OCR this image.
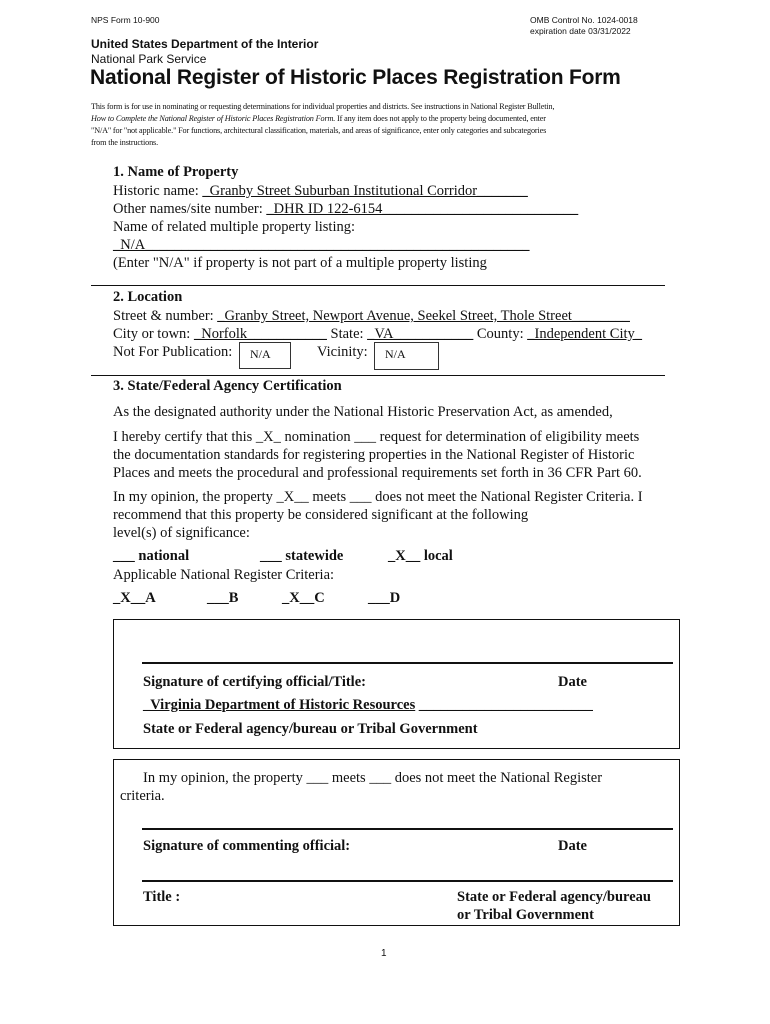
NPS Form 10-900	OMB Control No. 1024-0018
expiration date 03/31/2022
United States Department of the Interior
National Park Service
National Register of Historic Places Registration Form
This form is for use in nominating or requesting determinations for individual properties and districts. See instructions in National Register Bulletin,
How to Complete the National Register of Historic Places Registration Form. If any item does not apply to the property being documented, enter
"N/A" for "not applicable." For functions, architectural classification, materials, and areas of significance, enter only categories and subcategories
from the instructions.
1. Name of Property
Historic name: _Granby Street Suburban Institutional Corridor_______
Other names/site number: _DHR ID 122-6154___________________________
Name of related multiple property listing:
_N/A_____________________________________________________
(Enter "N/A" if property is not part of a multiple property listing
2. Location
Street & number: _Granby Street, Newport Avenue, Seekel Street, Thole Street________
City or town: _Norfolk___________ State: _VA___________ County: _Independent City_
Not For Publication:	N/A	Vicinity:	N/A
3. State/Federal Agency Certification
As the designated authority under the National Historic Preservation Act, as amended,
I hereby certify that this _X_ nomination ___ request for determination of eligibility meets
the documentation standards for registering properties in the National Register of Historic
Places and meets the procedural and professional requirements set forth in 36 CFR Part 60.
In my opinion, the property _X__ meets ___ does not meet the National Register Criteria. I
recommend that this property be considered significant at the following
level(s) of significance:
___ national	___ statewide	_X__ local
Applicable National Register Criteria:
_X__A	___B	_X__C	___D
Signature of certifying official/Title:	Date
_Virginia Department of Historic Resources ________________________
State or Federal agency/bureau or Tribal Government
In my opinion, the property ___ meets ___ does not meet the National Register
criteria.
Signature of commenting official:	Date
Title :	State or Federal agency/bureau
or Tribal Government
1
